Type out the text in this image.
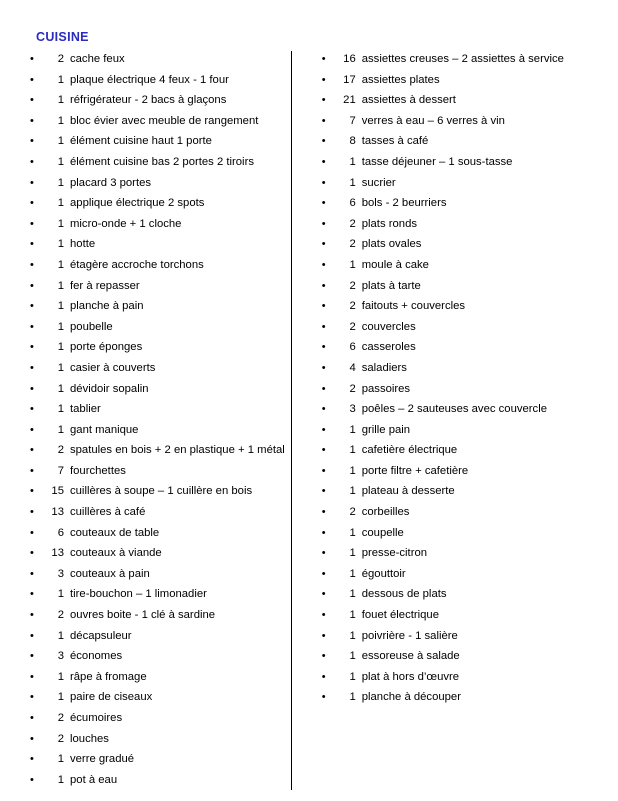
CUISINE
• 2 cache feux
• 1 plaque électrique 4 feux - 1 four
• 1 réfrigérateur - 2 bacs à glaçons
• 1 bloc évier avec meuble de rangement
• 1 élément cuisine haut 1 porte
• 1 élément cuisine bas 2 portes 2 tiroirs
• 1 placard 3 portes
• 1 applique électrique 2 spots
• 1 micro-onde + 1 cloche
• 1 hotte
• 1 étagère accroche torchons
• 1 fer à repasser
• 1 planche à pain
• 1 poubelle
• 1 porte éponges
• 1 casier à couverts
• 1 dévidoir sopalin
• 1 tablier
• 1 gant manique
• 2 spatules en bois + 2 en plastique + 1 métal
• 7 fourchettes
• 15 cuillères à soupe – 1 cuillère en bois
• 13 cuillères à café
• 6 couteaux de table
• 13 couteaux à viande
• 3 couteaux à pain
• 1 tire-bouchon – 1 limonadier
• 2 ouvres boite - 1 clé à sardine
• 1 décapsuleur
• 3 économes
• 1 râpe à fromage
• 1 paire de ciseaux
• 2 écumoires
• 2 louches
• 1 verre gradué
• 1 pot à eau
• 16 assiettes creuses – 2 assiettes à service
• 17 assiettes plates
• 21 assiettes à dessert
• 7 verres à eau – 6 verres à vin
• 8 tasses à café
• 1 tasse déjeuner – 1 sous-tasse
• 1 sucrier
• 6 bols - 2 beurriers
• 2 plats ronds
• 2 plats ovales
• 1 moule à cake
• 2 plats à tarte
• 2 faitouts + couvercles
• 2 couvercles
• 6 casseroles
• 4 saladiers
• 2 passoires
• 3 poêles – 2 sauteuses avec couvercle
• 1 grille pain
• 1 cafetière électrique
• 1 porte filtre + cafetière
• 1 plateau à desserte
• 2 corbeilles
• 1 coupelle
• 1 presse-citron
• 1 égouttoir
• 1 dessous de plats
• 1 fouet électrique
• 1 poivrière - 1 salière
• 1 essoreuse à salade
• 1 plat à hors d’œuvre
• 1 planche à découper
